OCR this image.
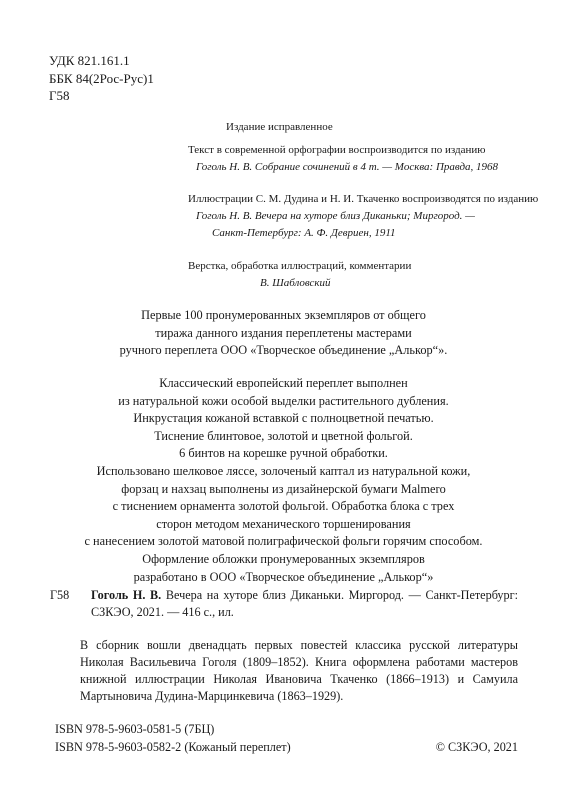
УДК 821.161.1
ББК 84(2Рос-Рус)1
Г58
Издание исправленное
Текст в современной орфографии воспроизводится по изданию
Гоголь Н. В. Собрание сочинений в 4 т. — Москва: Правда, 1968
Иллюстрации С. М. Дудина и Н. И. Ткаченко воспроизводятся по изданию
Гоголь Н. В. Вечера на хуторе близ Диканьки; Миргород. —
Санкт-Петербург: А. Ф. Девриен, 1911
Верстка, обработка иллюстраций, комментарии
В. Шабловский
Первые 100 пронумерованных экземпляров от общего
тиража данного издания переплетены мастерами
ручного переплета ООО «Творческое объединение „Алькор“».
Классический европейский переплет выполнен
из натуральной кожи особой выделки растительного дубления.
Инкрустация кожаной вставкой с полноцветной печатью.
Тиснение блинтовое, золотой и цветной фольгой.
6 бинтов на корешке ручной обработки.
Использовано шелковое ляссе, золоченый каптал из натуральной кожи,
форзац и нахзац выполнены из дизайнерской бумаги Malmero
с тиснением орнамента золотой фольгой. Обработка блока с трех
сторон методом механического торшенирования
с нанесением золотой матовой полиграфической фольги горячим способом.
Оформление обложки пронумерованных экземпляров
разработано в ООО «Творческое объединение „Алькор“»
Г58 Гоголь Н. В. Вечера на хуторе близ Диканьки. Миргород. — Санкт-Петербург: СЗКЭО, 2021. — 416 с., ил.
В сборник вошли двенадцать первых повестей классика русской литературы Николая Васильевича Гоголя (1809–1852). Книга оформлена работами мастеров книжной иллюстрации Николая Ивановича Ткаченко (1866–1913) и Самуила Мартыновича Дудина-Марцинкевича (1863–1929).
ISBN 978-5-9603-0581-5 (7БЦ)
ISBN 978-5-9603-0582-2 (Кожаный переплет)	© СЗКЭО, 2021
